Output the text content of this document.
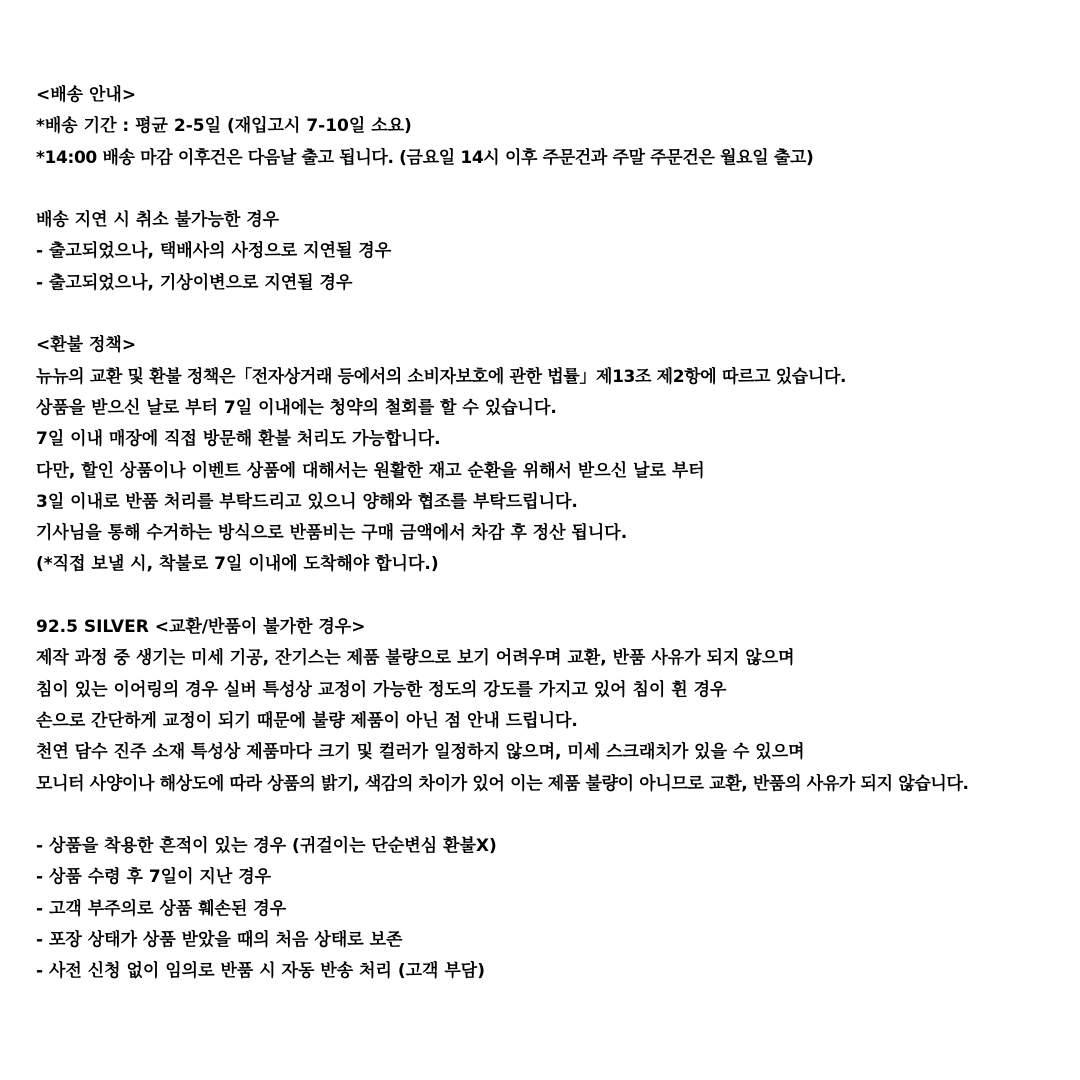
<배송 안내>
*배송 기간 : 평균 2-5일 (재입고시 7-10일 소요)
*14:00 배송 마감 이후건은 다음날 출고 됩니다. (금요일 14시 이후 주문건과 주말 주문건은 월요일 출고)
배송 지연 시 취소 불가능한 경우
- 출고되었으나, 택배사의 사정으로 지연될 경우
- 출고되었으나, 기상이변으로 지연될 경우
<환불 정책>
뉴뉴의 교환 및 환불 정책은「전자상거래 등에서의 소비자보호에 관한 법률」제13조 제2항에 따르고 있습니다.
상품을 받으신 날로 부터 7일 이내에는 청약의 철회를 할 수 있습니다.
7일 이내 매장에 직접 방문해 환불 처리도 가능합니다.
다만, 할인 상품이나 이벤트 상품에 대해서는 원활한 재고 순환을 위해서 받으신 날로 부터
3일 이내로 반품 처리를 부탁드리고 있으니 양해와 협조를 부탁드립니다.
기사님을 통해 수거하는 방식으로 반품비는 구매 금액에서 차감 후 정산 됩니다.
(*직접 보낼 시, 착불로 7일 이내에 도착해야 합니다.)
92.5 SILVER <교환/반품이 불가한 경우>
제작 과정 중 생기는 미세 기공, 잔기스는 제품 불량으로 보기 어려우며 교환, 반품 사유가 되지 않으며
침이 있는 이어링의 경우 실버 특성상 교정이 가능한 정도의 강도를 가지고 있어 침이 휜 경우
손으로 간단하게 교정이 되기 때문에 불량 제품이 아닌 점 안내 드립니다.
천연 담수 진주 소재 특성상 제품마다 크기 및 컬러가 일정하지 않으며, 미세 스크래치가 있을 수 있으며
모니터 사양이나 해상도에 따라 상품의 밝기, 색감의 차이가 있어 이는 제품 불량이 아니므로 교환, 반품의 사유가 되지 않습니다.
- 상품을 착용한 흔적이 있는 경우 (귀걸이는 단순변심 환불X)
- 상품 수령 후 7일이 지난 경우
- 고객 부주의로 상품 훼손된 경우
- 포장 상태가 상품 받았을 때의 처음 상태로 보존
- 사전 신청 없이 임의로 반품 시 자동 반송 처리 (고객 부담)
